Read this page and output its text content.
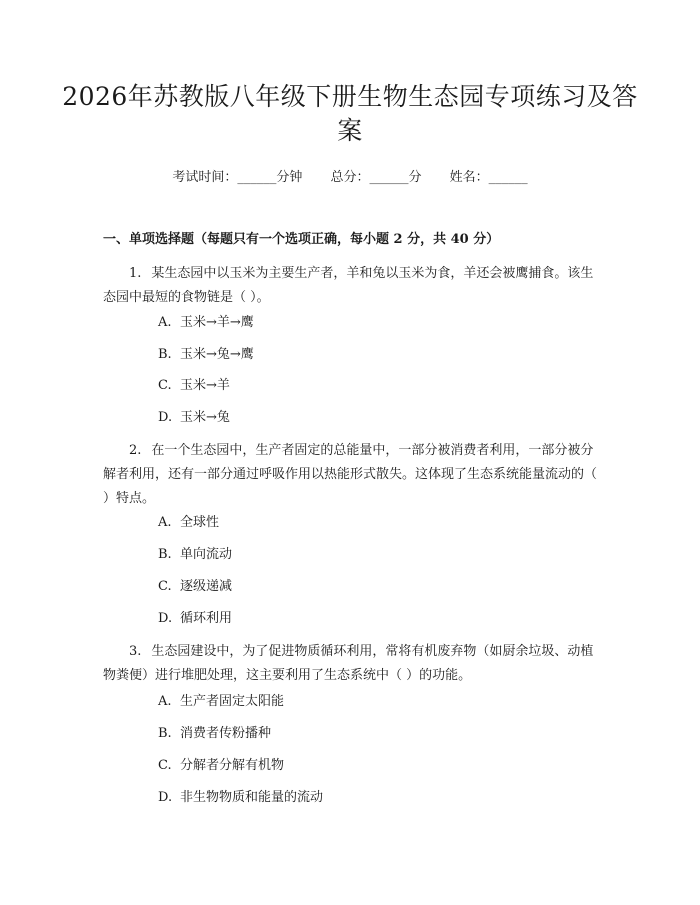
2026年苏教版八年级下册生物生态园专项练习及答案
考试时间：______分钟 总分：______分 姓名：______

一、单项选择题（每题只有一个选项正确，每小题 2 分，共 40 分）

1. 某生态园中以玉米为主要生产者，羊和兔以玉米为食，羊还会被鹰捕食。该生态园中最短的食物链是（ ）。

A. 玉米→羊→鹰
B. 玉米→兔→鹰
C. 玉米→羊
D. 玉米→兔

2. 在一个生态园中，生产者固定的总能量中，一部分被消费者利用，一部分被分解者利用，还有一部分通过呼吸作用以热能形式散失。这体现了生态系统能量流动的（ ）特点。

A. 全球性
B. 单向流动
C. 逐级递减
D. 循环利用

3. 生态园建设中，为了促进物质循环利用，常将有机废弃物（如厨余垃圾、动植物粪便）进行堆肥处理，这主要利用了生态系统中（ ）的功能。

A. 生产者固定太阳能
B. 消费者传粉播种
C. 分解者分解有机物
D. 非生物物质和能量的流动
